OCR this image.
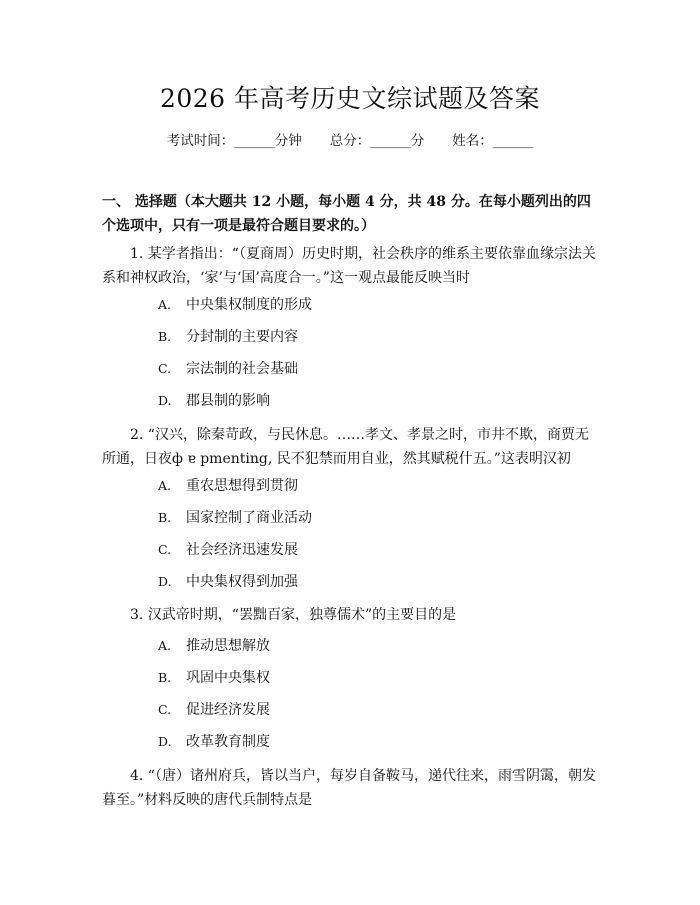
2026 年高考历史文综试题及答案
考试时间：______分钟 总分：______分 姓名：______
一、 选择题（本大题共 12 小题，每小题 4 分，共 48 分。在每小题列出的四个选项中，只有一项是最符合题目要求的。）
1. 某学者指出：“（夏商周）历史时期，社会秩序的维系主要依靠血缘宗法关系和神权政治，‘家’与‘国’高度合一。”这一观点最能反映当时
A. 中央集权制度的形成
B. 分封制的主要内容
C. 宗法制的社会基础
D. 郡县制的影响
2. “汉兴，除秦苛政，与民休息。……孝文、孝景之时，市井不欺，商贾无所通，日夜ф ɐ рmenting, 民不犯禁而用自业，然其赋税什五。”这表明汉初
A. 重农思想得到贯彻
B. 国家控制了商业活动
C. 社会经济迅速发展
D. 中央集权得到加强
3. 汉武帝时期，“罢黜百家，独尊儒术”的主要目的是
A. 推动思想解放
B. 巩固中央集权
C. 促进经济发展
D. 改革教育制度
4. “（唐）诸州府兵，皆以当户，每岁自备鞍马，递代往来，雨雪阴霭，朝发暮至。”材料反映的唐代兵制特点是
